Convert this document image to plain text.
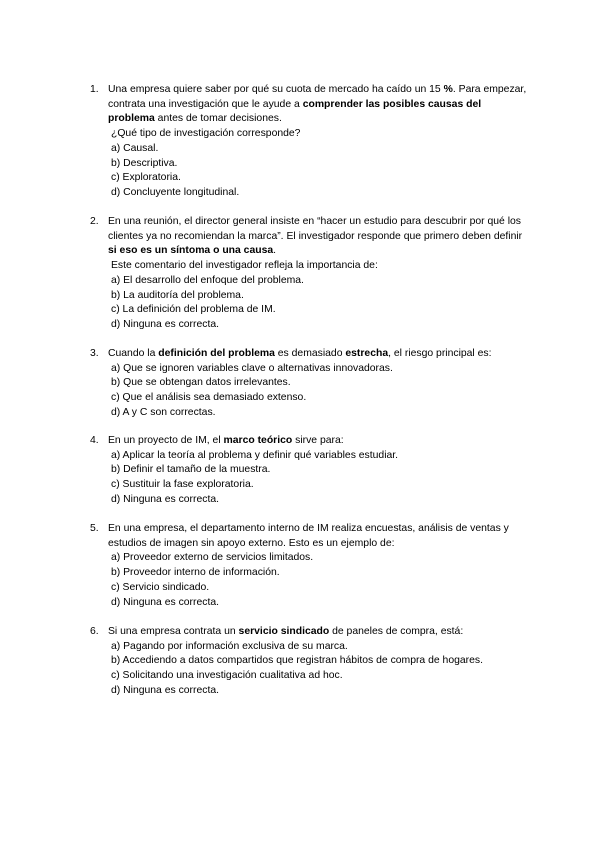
1. Una empresa quiere saber por qué su cuota de mercado ha caído un 15 %. Para empezar, contrata una investigación que le ayude a comprender las posibles causas del problema antes de tomar decisiones.
¿Qué tipo de investigación corresponde?
a) Causal.
b) Descriptiva.
c) Exploratoria.
d) Concluyente longitudinal.
2. En una reunión, el director general insiste en “hacer un estudio para descubrir por qué los clientes ya no recomiendan la marca”. El investigador responde que primero deben definir si eso es un síntoma o una causa.
Este comentario del investigador refleja la importancia de:
a) El desarrollo del enfoque del problema.
b) La auditoría del problema.
c) La definición del problema de IM.
d) Ninguna es correcta.
3. Cuando la definición del problema es demasiado estrecha, el riesgo principal es:
a) Que se ignoren variables clave o alternativas innovadoras.
b) Que se obtengan datos irrelevantes.
c) Que el análisis sea demasiado extenso.
d) A y C son correctas.
4. En un proyecto de IM, el marco teórico sirve para:
a) Aplicar la teoría al problema y definir qué variables estudiar.
b) Definir el tamaño de la muestra.
c) Sustituir la fase exploratoria.
d) Ninguna es correcta.
5. En una empresa, el departamento interno de IM realiza encuestas, análisis de ventas y estudios de imagen sin apoyo externo. Esto es un ejemplo de:
a) Proveedor externo de servicios limitados.
b) Proveedor interno de información.
c) Servicio sindicado.
d) Ninguna es correcta.
6. Si una empresa contrata un servicio sindicado de paneles de compra, está:
a) Pagando por información exclusiva de su marca.
b) Accediendo a datos compartidos que registran hábitos de compra de hogares.
c) Solicitando una investigación cualitativa ad hoc.
d) Ninguna es correcta.
